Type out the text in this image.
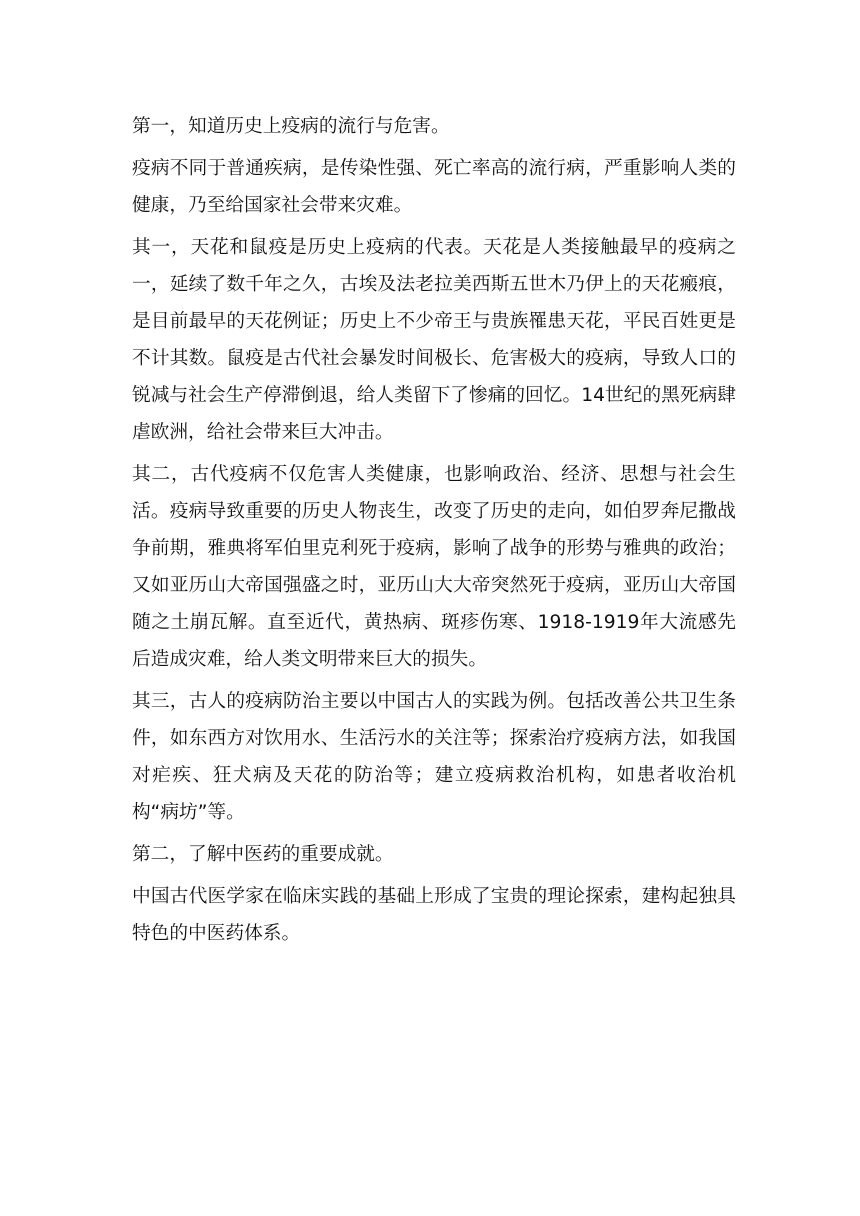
第一，知道历史上疫病的流行与危害。

疫病不同于普通疾病，是传染性强、死亡率高的流行病，严重影响人类的健康，乃至给国家社会带来灾难。

其一，天花和鼠疫是历史上疫病的代表。天花是人类接触最早的疫病之一，延续了数千年之久，古埃及法老拉美西斯五世木乃伊上的天花瘢痕，是目前最早的天花例证；历史上不少帝王与贵族罹患天花，平民百姓更是不计其数。鼠疫是古代社会暴发时间极长、危害极大的疫病，导致人口的锐减与社会生产停滞倒退，给人类留下了惨痛的回忆。14世纪的黑死病肆虐欧洲，给社会带来巨大冲击。

其二，古代疫病不仅危害人类健康，也影响政治、经济、思想与社会生活。疫病导致重要的历史人物丧生，改变了历史的走向，如伯罗奔尼撒战争前期，雅典将军伯里克利死于疫病，影响了战争的形势与雅典的政治；又如亚历山大帝国强盛之时，亚历山大大帝突然死于疫病，亚历山大帝国随之土崩瓦解。直至近代，黄热病、斑疹伤寒、1918-1919年大流感先后造成灾难，给人类文明带来巨大的损失。

其三，古人的疫病防治主要以中国古人的实践为例。包括改善公共卫生条件，如东西方对饮用水、生活污水的关注等；探索治疗疫病方法，如我国对疟疾、狂犬病及天花的防治等；建立疫病救治机构，如患者收治机构“病坊”等。

第二，了解中医药的重要成就。

中国古代医学家在临床实践的基础上形成了宝贵的理论探索，建构起独具特色的中医药体系。
